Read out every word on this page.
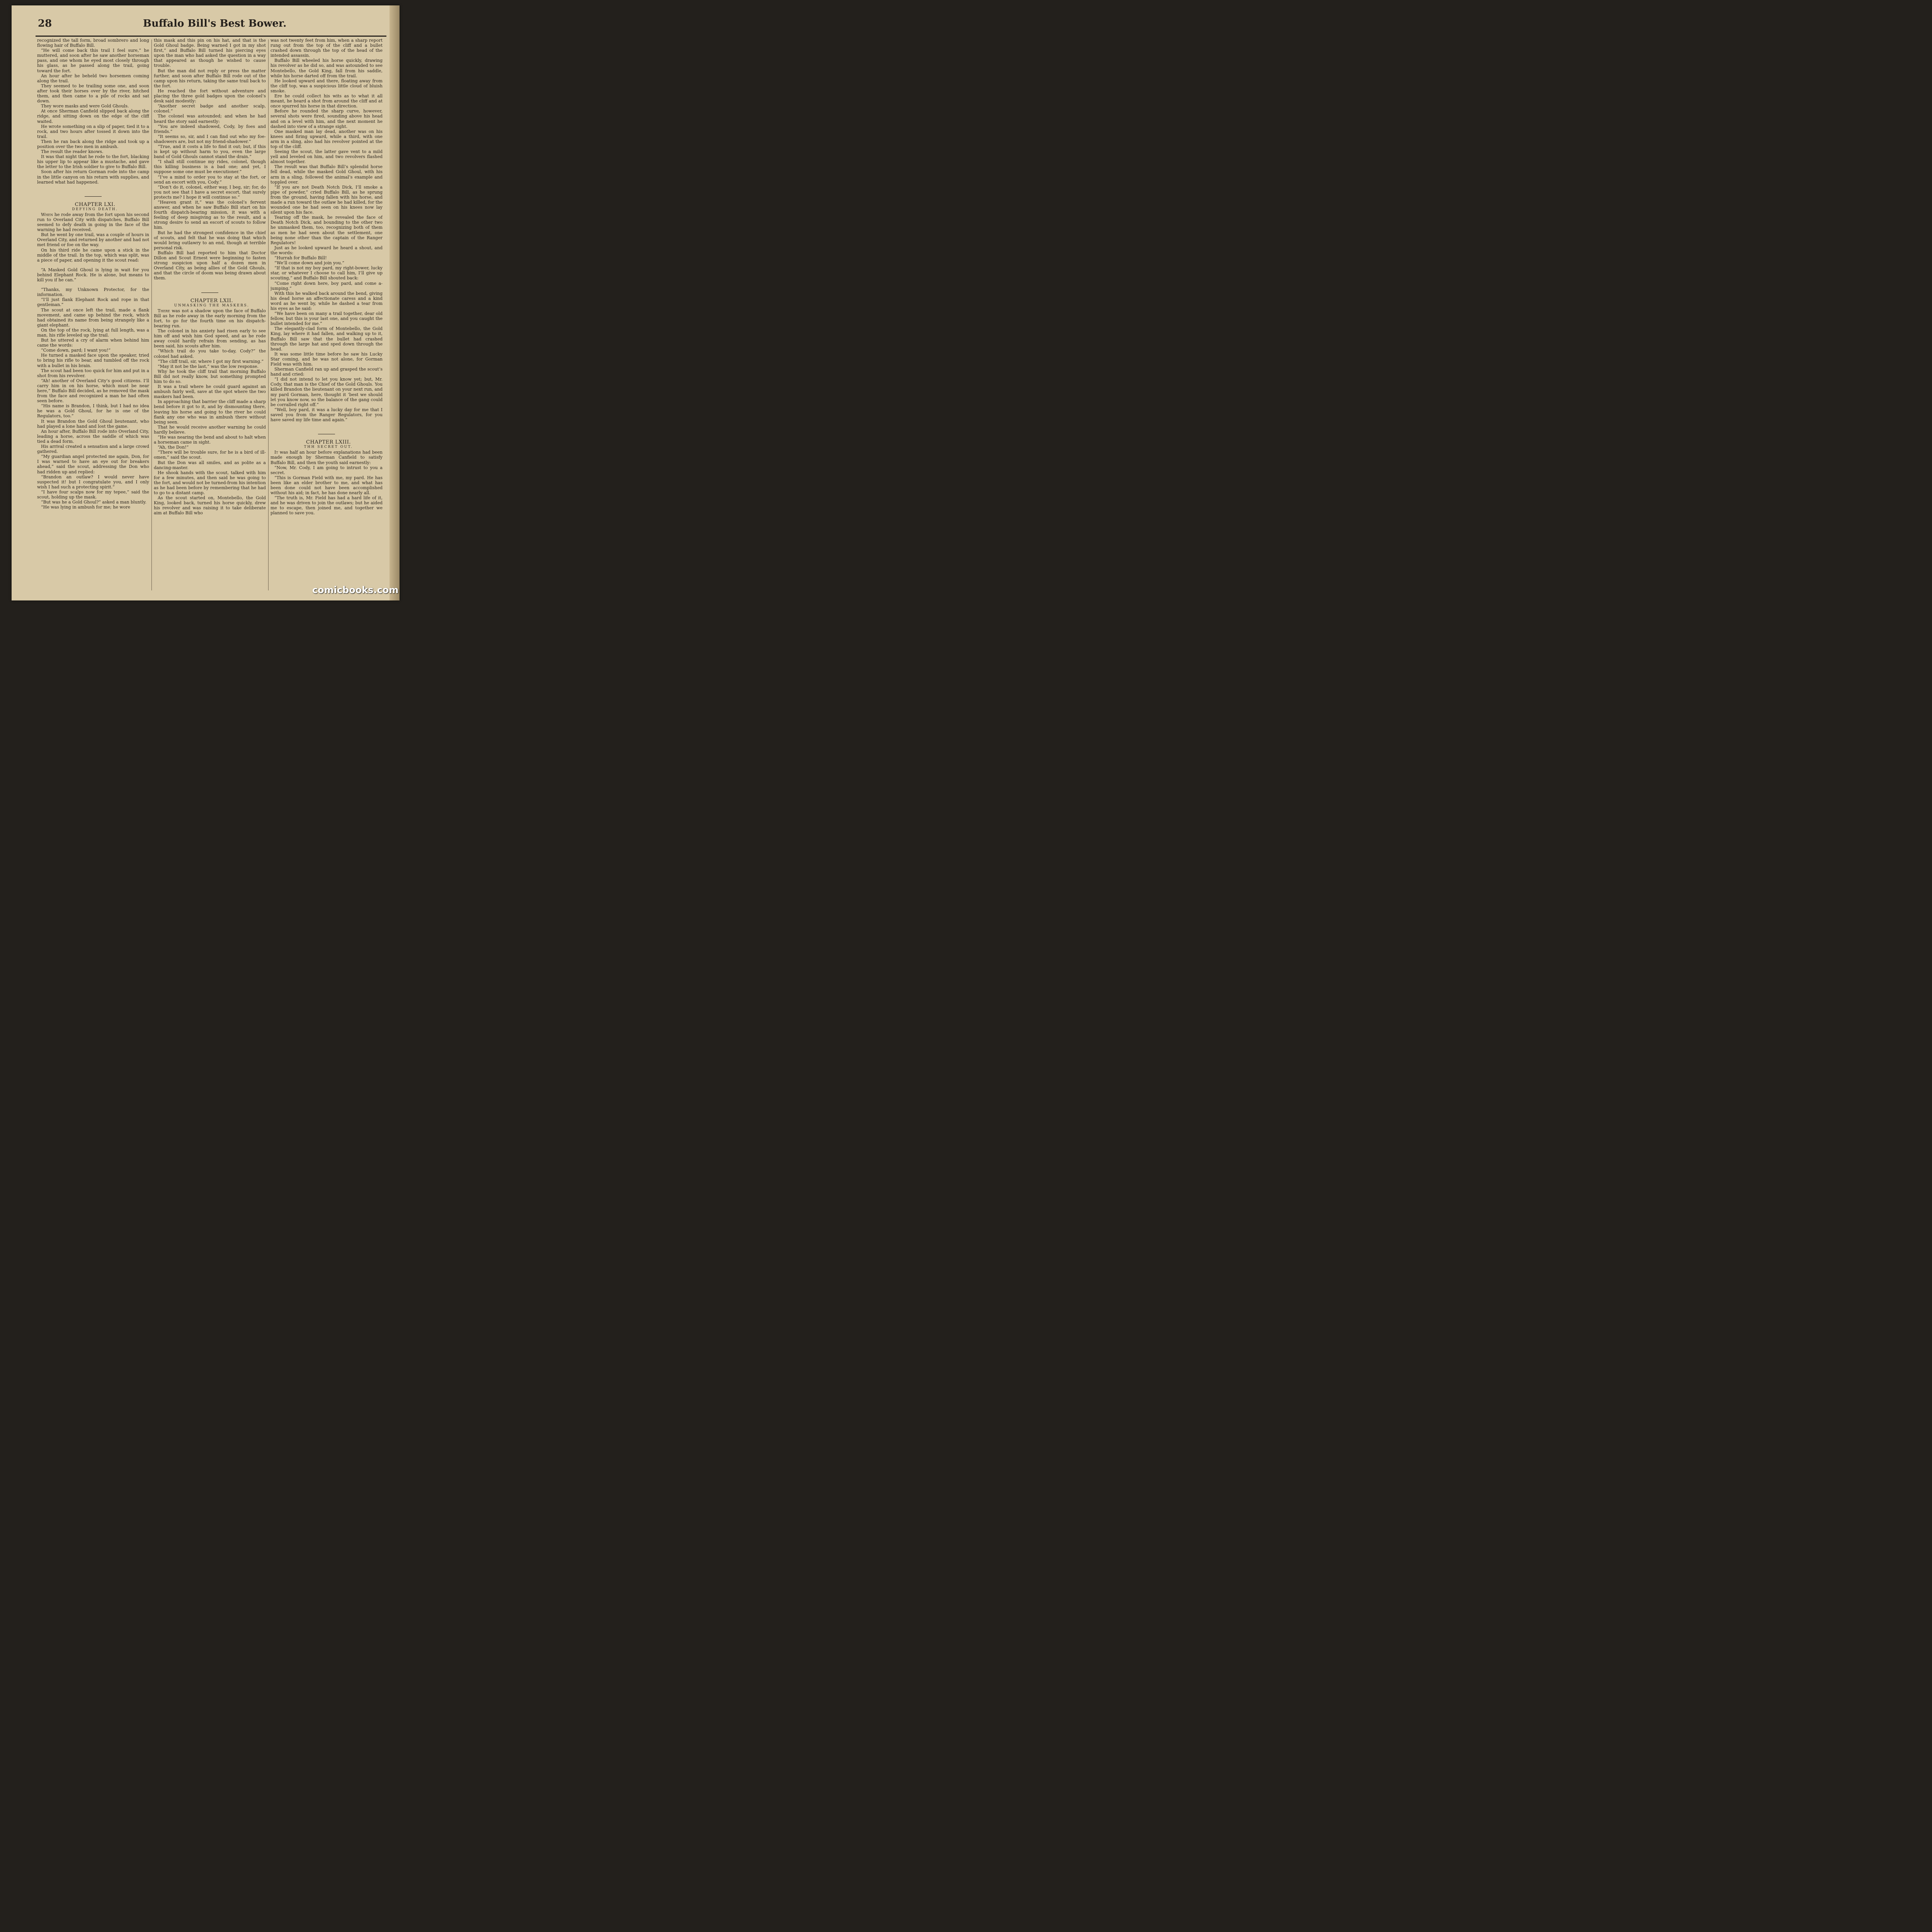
28	Buffalo Bill's Best Bower.

recognized the tall form, broad sombrero and long flowing hair of Buffalo Bill.

“He will come back this trail I feel sure,” he muttered, and soon after he saw another horseman pass, and one whom he eyed most closely through his glass, as he passed along the trail, going toward the fort.

An hour after he beheld two horsemen coming along the trail.

They seemed to be trailing some one, and soon after took their horses over by the river, hitched them, and then came to a pile of rocks and sat down.

They wore masks and were Gold Ghouls.

At once Sherman Canfield slipped back along the ridge, and sitting down on the edge of the cliff waited.

He wrote something on a slip of paper, tied it to a rock, and two hours after tossed it down into the trail.

Then he ran back along the ridge and took up a position over the two men in ambush.

The result the reader knows.

It was that night that he rode to the fort, blacking his upper lip to appear like a mustache, and gave the letter to the Irish soldier to give to Buffalo Bill.

Soon after his return Gorman rode into the camp in the little canyon on his return with supplies, and learned what had happened.

CHAPTER LXI.

DEFYING DEATH.

When he rode away from the fort upon his second run to Overland City with dispatches, Buffalo Bill seemed to defy death in going in the face of the warning he had received.

But he went by one trail, was a couple of hours in Overland City, and returned by another and had not met friend or foe on the way.

On his third ride he came upon a stick in the middle of the trail. In the top, which was split, was a piece of paper, and opening it the scout read:

“A Masked Gold Ghoul is lying in wait for you behind Elephant Rock. He is alone, but means to kill you if he can.”

“Thanks, my Unknown Protector, for the information.

“I’ll just flank Elephant Rock and rope in that gentleman.”

The scout at once left the trail, made a flank movement, and came up behind the rock, which had obtained its name from being strangely like a giant elephant.

On the top of the rock, lying at full length, was a man, his rifle leveled up the trail.

But he uttered a cry of alarm when behind him came the words:

“Come down, pard; I want you!”

He turned a masked face upon the speaker, tried to bring his rifle to bear, and tumbled off the rock with a bullet in his brain.

The scout had been too quick for him and put in a shot from his revolver.

“Ah! another of Overland City’s good citizens. I’ll carry him in on his horse, which must be near here,” Buffalo Bill decided, as he removed the mask from the face and recognized a man he had often seen before.

“His name is Brandon, I think, but I had no idea he was a Gold Ghoul, for he is one of the Regulators, too.”

It was Brandon the Gold Ghoul lieutenant, who had played a lone hand and lost the game.

An hour after, Buffalo Bill rode into Overland City, leading a horse, across the saddle of which was tied a dead form.

His arrival created a sensation and a large crowd gathered.

“My guardian angel protected me again, Don, for I was warned to have an eye out for breakers ahead,” said the scout, addressing the Don who had ridden up and replied:

“Brandon an outlaw? I would never have suspected it! but I congratulate you, and I only wish I had such a protecting spirit.”

“I have four scalps now for my tepee,” said the scout, holding up the mask.

“But was he a Gold Ghoul?” asked a man bluntly.

“He was lying in ambush for me; he wore

this mask and this pin on his hat, and that is the Gold Ghoul badge. Being warned I got in my shot first,” and Buffalo Bill turned his piercing eyes upon the man who had asked the question in a way that appeared as though he wished to cause trouble.

But the man did not reply or press the matter further, and soon after Buffalo Bill rode out of the camp upon his return, taking the same trail back to the fort.

He reached the fort without adventure and placing the three gold badges upon the colonel’s desk said modestly:

“Another secret badge and another scalp, colonel.”

The colonel was astounded; and when he had heard the story said earnestly:

“You are indeed shadowed, Cody, by foes and friends.”

“It seems so, sir, and I can find out who my foe-shadowers are, but not my friend-shadower.”

“True, and it costs a life to find it out; but, if this is kept up without harm to you, even the large band of Gold Ghouls cannot stand the drain.”

“I shall still continue my rides, colonel, though this killing business is a bad one; and yet, I suppose some one must be executioner.”

“I’ve a mind to order you to stay at the fort, or send an escort with you, Cody.”

“Don’t do it, colonel, either way, I beg, sir; for, do you not see that I have a secret escort, that surely protects me? I hope it will continue so.”

“Heaven grant it,” was the colonel’s fervent answer, and when he saw Buffalo Bill start on his fourth dispatch-bearing mission, it was with a feeling of deep misgiving as to the result, and a strong desire to send an escort of scouts to follow him.

But he had the strongest confidence in the chief of scouts, and felt that he was doing that which would bring outlawry to an end, though at terrible personal risk.

Buffalo Bill had reported to him that Doctor Dillon and Scout Ernest were beginning to fasten strong suspicion upon half a dozen men in Overland City, as being allies of the Gold Ghouls, and that the circle of doom was being drawn about them.

CHAPTER LXII.

UNMASKING THE MASKERS.

There was not a shadow upon the face of Buffalo Bill as he rode away in the early morning from the fort, to go for the fourth time on his dispatch-bearing run.

The colonel in his anxiety had risen early to see him off and wish him God speed, and as he rode away could hardly refrain from sending, as has been said, his scouts after him.

“Which trail do you take to-day, Cody?” the colonel had asked.

“The cliff trail, sir, where I got my first warning.”

“May it not be the last,” was the low response.

Why he took the cliff trail that morning Buffalo Bill did not really know, but something prompted him to do so.

It was a trail where he could guard against an ambush fairly well, save at the spot where the two maskers had been.

In approaching that barrier the cliff made a sharp bend before it got to it, and by dismounting there, leaving his horse and going to the river he could flank any one who was in ambush there without being seen.

That he would receive another warning he could hardly believe.

“He was nearing the bend and about to halt when a horseman came in sight.

“Ah, the Don!”

“There will be trouble sure, for he is a bird of ill-omen,” said the scout.

But the Don was all smiles, and as polite as a dancing-master.

He shook hands with the scout, talked with him for a few minutes, and then said he was going to the fort, and would not be turned-from his intention as he had been before by remembering that he had to go to a distant camp.

As the scout started on, Montebello, the Gold King, looked back, turned his horse quickly, drew his revolver and was raising it to take deliberate aim at Buffalo Bill who

was not twenty feet from him, when a sharp report rung out from the top of the cliff and a bullet crashed down through the top of the head of the intended assassin.

Buffalo Bill wheeled his horse quickly, drawing his revolver as he did so, and was astounded to see Montebello, the Gold King, fall from his saddle, while his horse darted off from the trail.

He looked upward and there, floating away from the cliff top, was a suspicious little cloud of bluish smoke.

Ere he could collect his wits as to what it all meant, he heard a shot from around the cliff and at once spurred his horse in that direction.

Before he rounded the sharp curve, however, several shots were fired, sounding above his head and on a level with him, and the next moment he dashed into view of a strange sight.

One masked man lay dead, another was on his knees and firing upward, while a third, with one arm in a sling, also had his revolver pointed at the top of the cliff.

Seeing the scout, the latter gave vent to a mild yell and leveled on him, and two revolvers flashed almost together.

The result was that Buffalo Bill’s splendid horse fell dead, while the masked Gold Ghoul, with his arm in a sling, followed the animal’s example and toppled over.

“If you are not Death Notch Dick, I’ll smoke a pipe of powder,” cried Buffalo Bill, as he sprung from the ground, having fallen with his horse, and made a run toward the outlaw he had killed, for the wounded one he had seen on his knees now lay silent upon his face.

Tearing off the mask, he revealed the face of Death Notch Dick, and bounding to the other two he unmasked them, too, recognizing both of them as men he had seen about the settlement, one being none other than the captain of the Ranger Regulators!

Just as he looked upward he heard a shout, and the words:

“Hurrah for Buffalo Bill!

“We’ll come down and join you.”

“If that is not my boy pard, my right-bower, lucky star, or whatever I choose to call him, I’ll give up scouting,” and Buffalo Bill shouted back:

“Come right down here, boy pard, and come a-jumping.”

With this he walked back around the bend, giving his dead horse an affectionate caress and a kind word as he went by, while he dashed a tear from his eyes as he said:

“We have been on many a trail together, dear old fellow, but this is your last one, and you caught the bullet intended for me.”

The elegantly-clad form of Montebello, the Gold King, lay where it had fallen, and walking up to it, Buffalo Bill saw that the bullet had crashed through the large hat and sped down through the head.

It was some little time before he saw his Lucky Star coming, and he was not alone, for Gorman Field was with him.

Sherman Canfield ran up and grasped the scout’s hand and cried:

“I did not intend to let you know yet; but, Mr. Cody, that man is the Chief of the Gold Ghouls. You killed Brandon the lieutenant on your next run, and my pard Gorman, here, thought it ’best we should let you know now, so the balance of the gang could be corralled right off.”

“Well, boy pard, it was a lucky day for me that I saved you from the Ranger Regulators, for you have saved my life time and again.”

CHAPTER LXIII.

THH SECRET OUT.

It was half an hour before explanations had been made enough by Sherman Canfield to satisfy Buffalo Bill, and then the youth said earnestly:

“Now, Mr. Cody, I am going to intrust to you a secret.

“This is Gorman Field with me, my pard. He has been like an elder brother to me, and what has been done could not have been accomplished without his aid; in fact, he has done nearly all.

“The truth is, Mr. Field has had a hard life of it, and he was driven to join the outlaws; but he aided me to escape, then joined me, and together we planned to save you.

comicbooks.com
